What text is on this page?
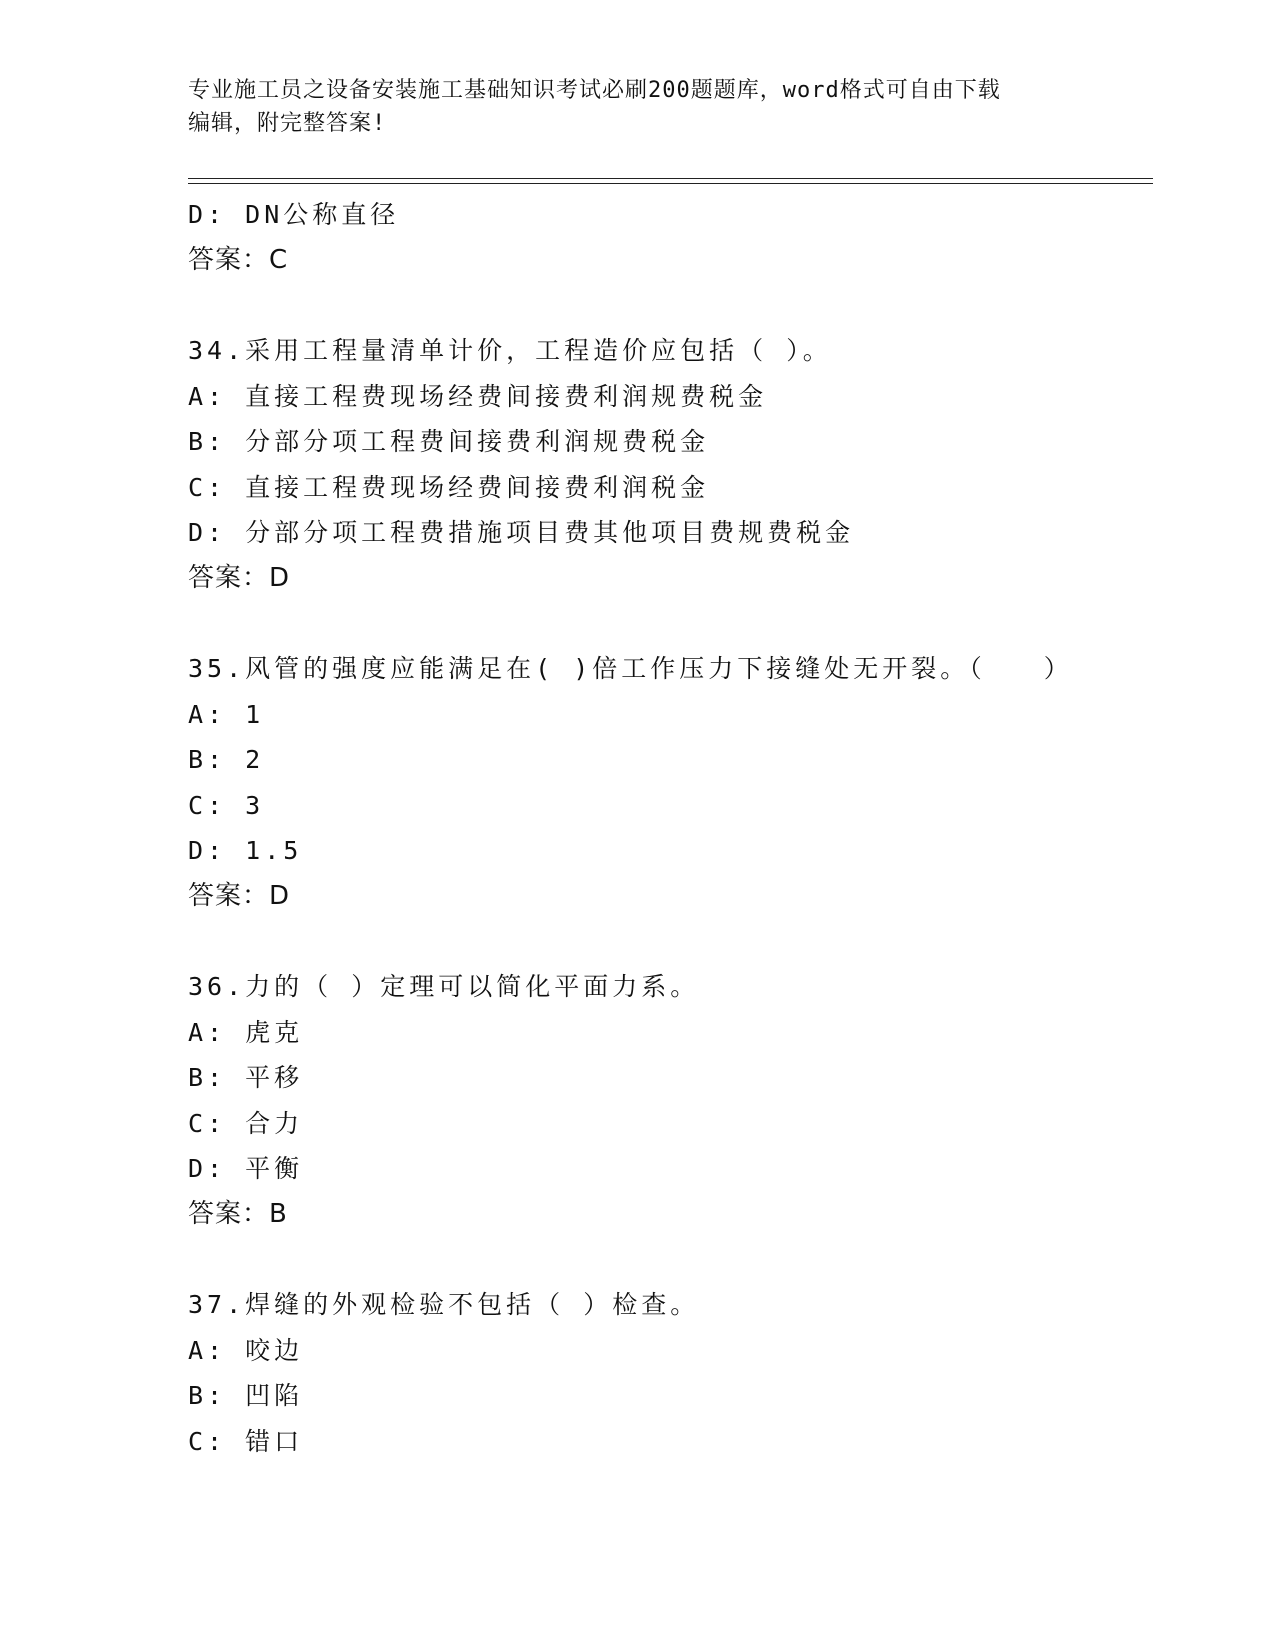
专业施工员之设备安装施工基础知识考试必刷200题题库，word格式可自由下载
编辑，附完整答案!
D: DN公称直径
答案：C
34.采用工程量清单计价，工程造价应包括（ ）。
A: 直接工程费现场经费间接费利润规费税金
B: 分部分项工程费间接费利润规费税金
C: 直接工程费现场经费间接费利润税金
D: 分部分项工程费措施项目费其他项目费规费税金
答案：D
35.风管的强度应能满足在( )倍工作压力下接缝处无开裂。（　　）
A: 1
B: 2
C: 3
D: 1.5
答案：D
36.力的（ ）定理可以简化平面力系。
A: 虎克
B: 平移
C: 合力
D: 平衡
答案：B
37.焊缝的外观检验不包括（ ）检查。
A: 咬边
B: 凹陷
C: 错口
